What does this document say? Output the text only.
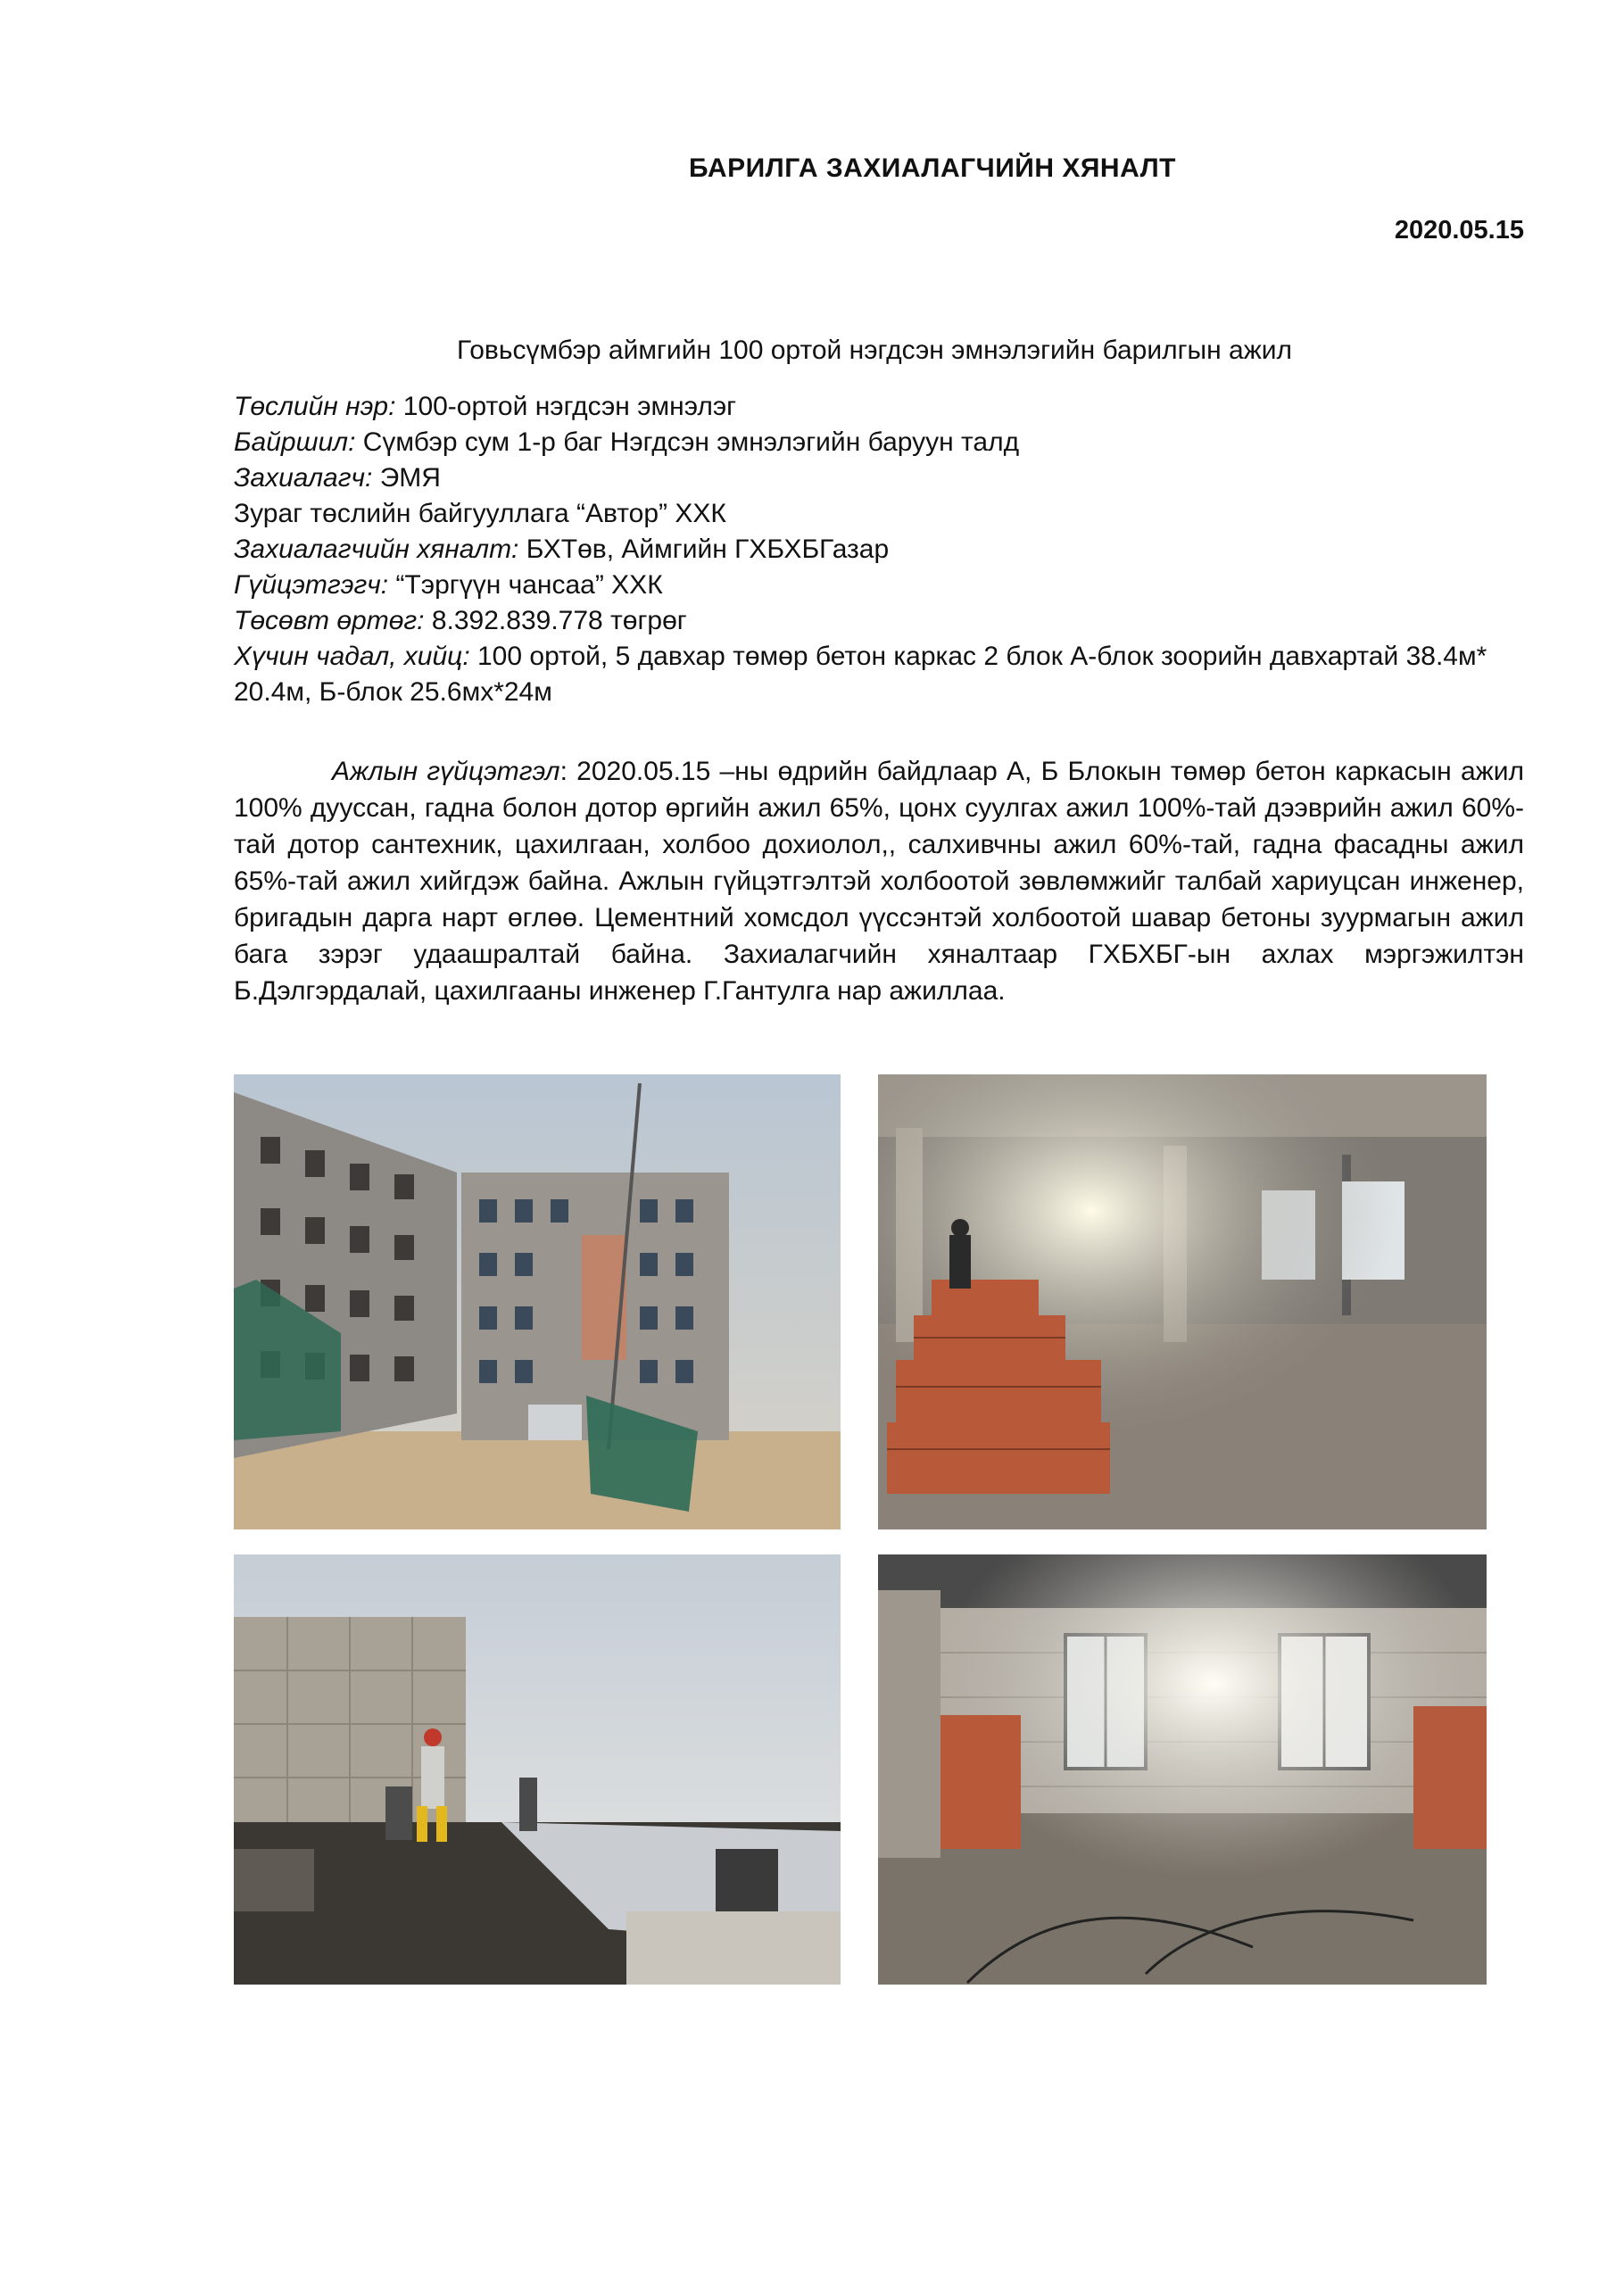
БАРИЛГА ЗАХИАЛАГЧИЙН ХЯНАЛТ
2020.05.15
Говьсүмбэр аймгийн 100 ортой нэгдсэн эмнэлэгийн барилгын ажил
Төслийн нэр: 100-ортой нэгдсэн эмнэлэг
Байршил: Сүмбэр сум 1-р баг Нэгдсэн эмнэлэгийн баруун талд
Захиалагч: ЭМЯ
Зураг төслийн байгууллага “Автор” ХХК
Захиалагчийн хяналт: БХТөв, Аймгийн ГХБХБГазар
Гүйцэтгэгч: “Тэргүүн чансаа” ХХК
Төсөвт өртөг: 8.392.839.778 төгрөг
Хүчин чадал, хийц: 100 ортой, 5 давхар төмөр бетон каркас 2 блок А-блок зоорийн давхартай 38.4м* 20.4м, Б-блок 25.6мх*24м
Ажлын гүйцэтгэл: 2020.05.15 –ны өдрийн байдлаар А, Б Блокын төмөр бетон каркасын ажил 100% дууссан, гадна болон дотор өргийн ажил 65%, цонх суулгах ажил 100%-тай дээврийн ажил 60%-тай дотор сантехник, цахилгаан, холбоо дохиолол,, салхивчны ажил 60%-тай, гадна фасадны ажил 65%-тай ажил хийгдэж байна. Ажлын гүйцэтгэлтэй холбоотой зөвлөмжийг талбай хариуцсан инженер, бригадын дарга нарт өглөө. Цементний хомсдол үүссэнтэй холбоотой шавар бетоны зуурмагын ажил бага зэрэг удаашралтай байна. Захиалагчийн хяналтаар ГХБХБГ-ын ахлах мэргэжилтэн Б.Дэлгэрдалай, цахилгааны инженер Г.Гантулга нар ажиллаа.
